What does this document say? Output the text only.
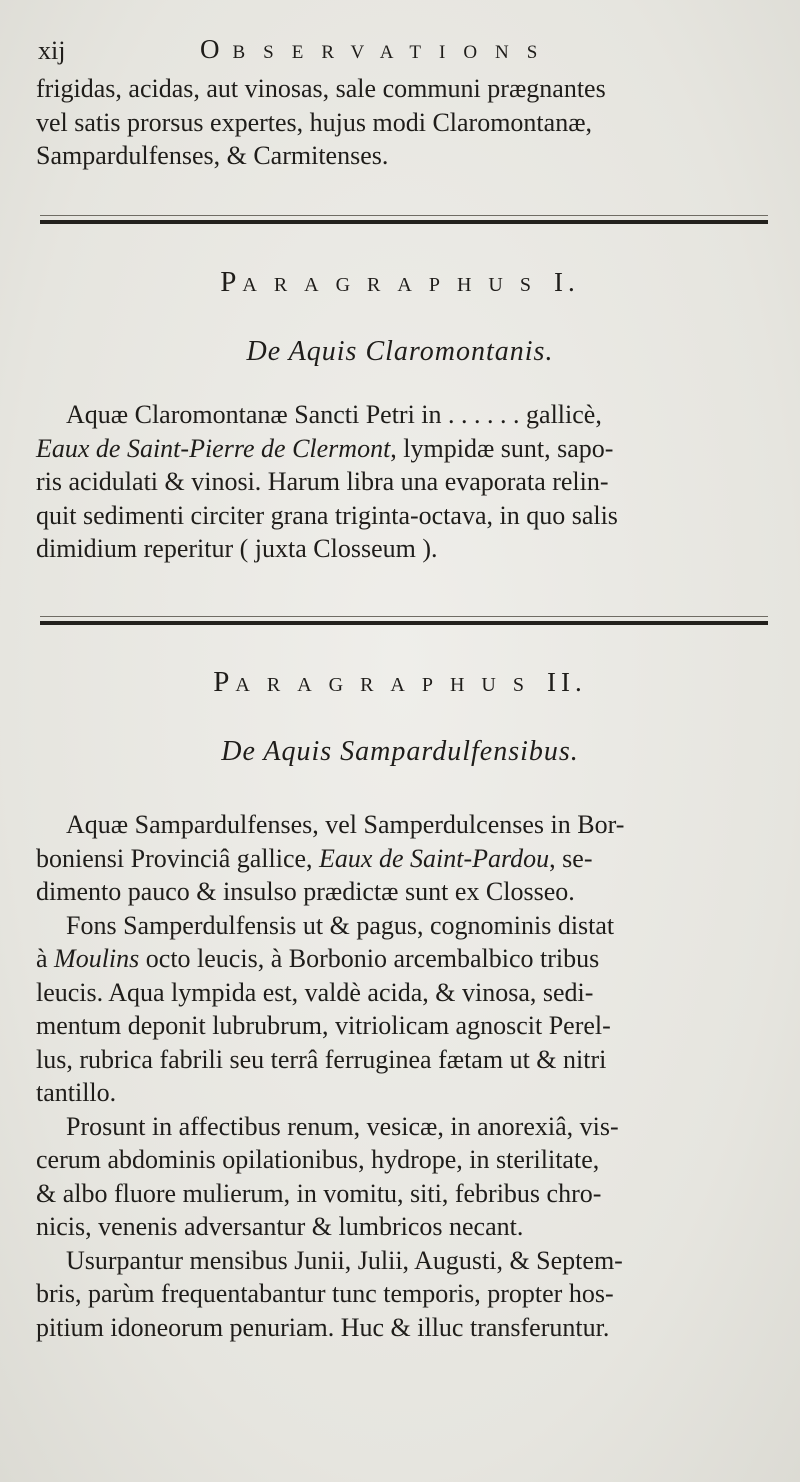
xij	OBSERVATIONS
frigidas, acidas, aut vinosas, sale communi prægnantes
vel satis prorsus expertes, hujus modi Claromontanæ,
Sampardulfenses, & Carmitenses.
PARAGRAPHUS I.
De Aquis Claromontanis.
Aquæ Claromontanæ Sancti Petri in . . . . . . gallicè,
Eaux de Saint-Pierre de Clermont, lympidæ sunt, sapo-
ris acidulati & vinosi. Harum libra una evaporata relin-
quit sedimenti circiter grana triginta-octava, in quo salis
dimidium reperitur ( juxta Closseum ).
PARAGRAPHUS II.
De Aquis Sampardulfensibus.
Aquæ Sampardulfenses, vel Samperdulcenses in Bor-
boniensi Provinciâ gallice, Eaux de Saint-Pardou, se-
dimento pauco & insulso prædictæ sunt ex Closseo.
Fons Samperdulfensis ut & pagus, cognominis distat
à Moulins octo leucis, à Borbonio arcembalbico tribus
leucis. Aqua lympida est, valdè acida, & vinosa, sedi-
mentum deponit lubrubrum, vitriolicam agnoscit Perel-
lus, rubrica fabrili seu terrâ ferruginea fætam ut & nitri
tantillo.
Prosunt in affectibus renum, vesicæ, in anorexiâ, vis-
cerum abdominis opilationibus, hydrope, in sterilitate,
& albo fluore mulierum, in vomitu, siti, febribus chro-
nicis, venenis adversantur & lumbricos necant.
Usurpantur mensibus Junii, Julii, Augusti, & Septem-
bris, parùm frequentabantur tunc temporis, propter hos-
pitium idoneorum penuriam. Huc & illuc transferuntur.
